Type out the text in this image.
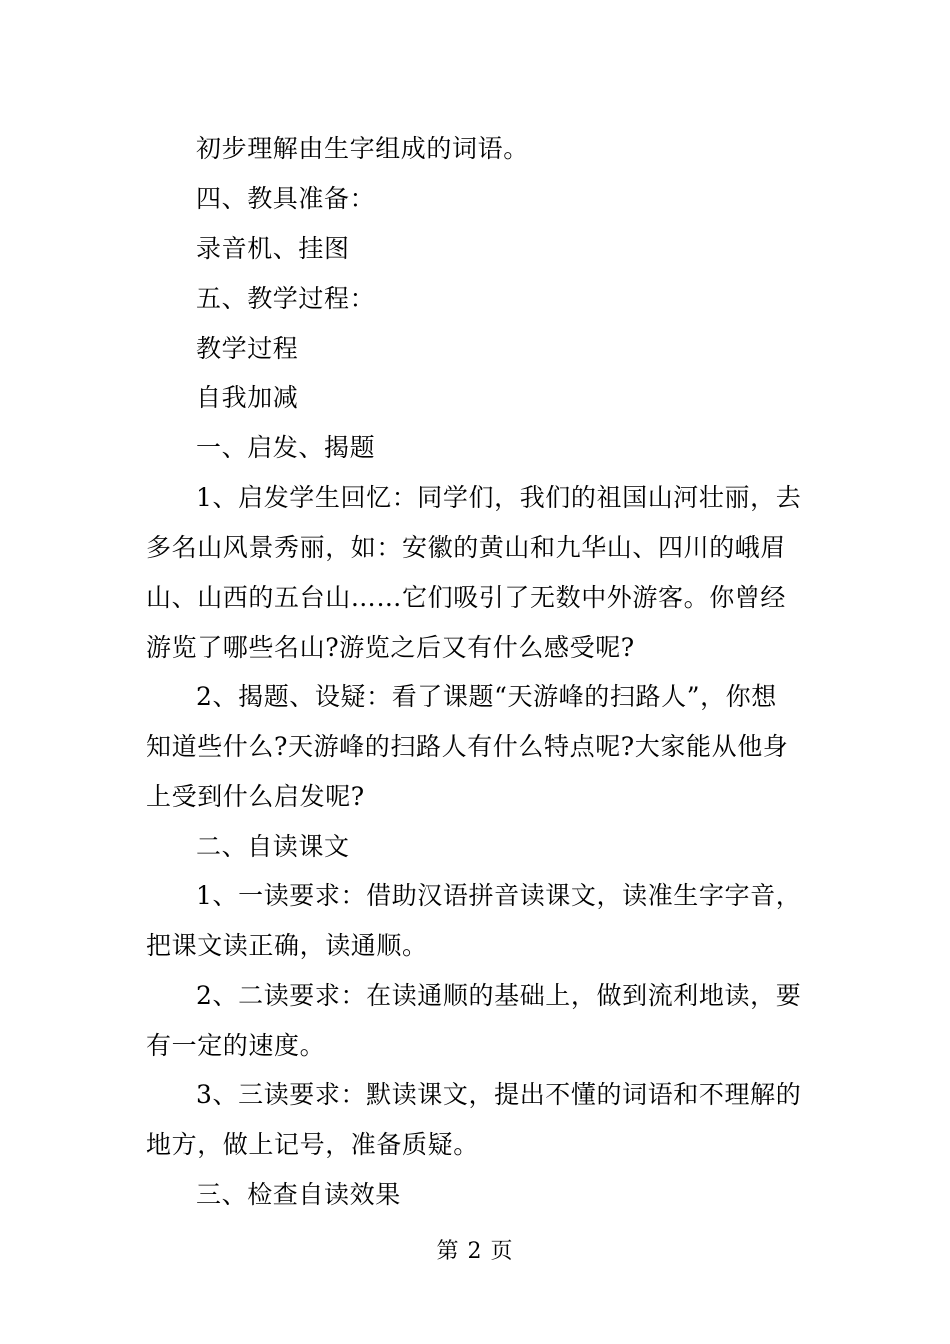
初步理解由生字组成的词语。
四、教具准备：
录音机、挂图
五、教学过程：
教学过程
自我加减
一、启发、揭题
1、启发学生回忆：同学们，我们的祖国山河壮丽，去
多名山风景秀丽，如：安徽的黄山和九华山、四川的峨眉
山、山西的五台山……它们吸引了无数中外游客。你曾经
游览了哪些名山?游览之后又有什么感受呢?
2、揭题、设疑：看了课题“天游峰的扫路人”，你想
知道些什么?天游峰的扫路人有什么特点呢?大家能从他身
上受到什么启发呢?
二、自读课文
1、一读要求：借助汉语拼音读课文，读准生字字音，
把课文读正确，读通顺。
2、二读要求：在读通顺的基础上，做到流利地读，要
有一定的速度。
3、三读要求：默读课文，提出不懂的词语和不理解的
地方，做上记号，准备质疑。
三、检查自读效果
第 2 页
